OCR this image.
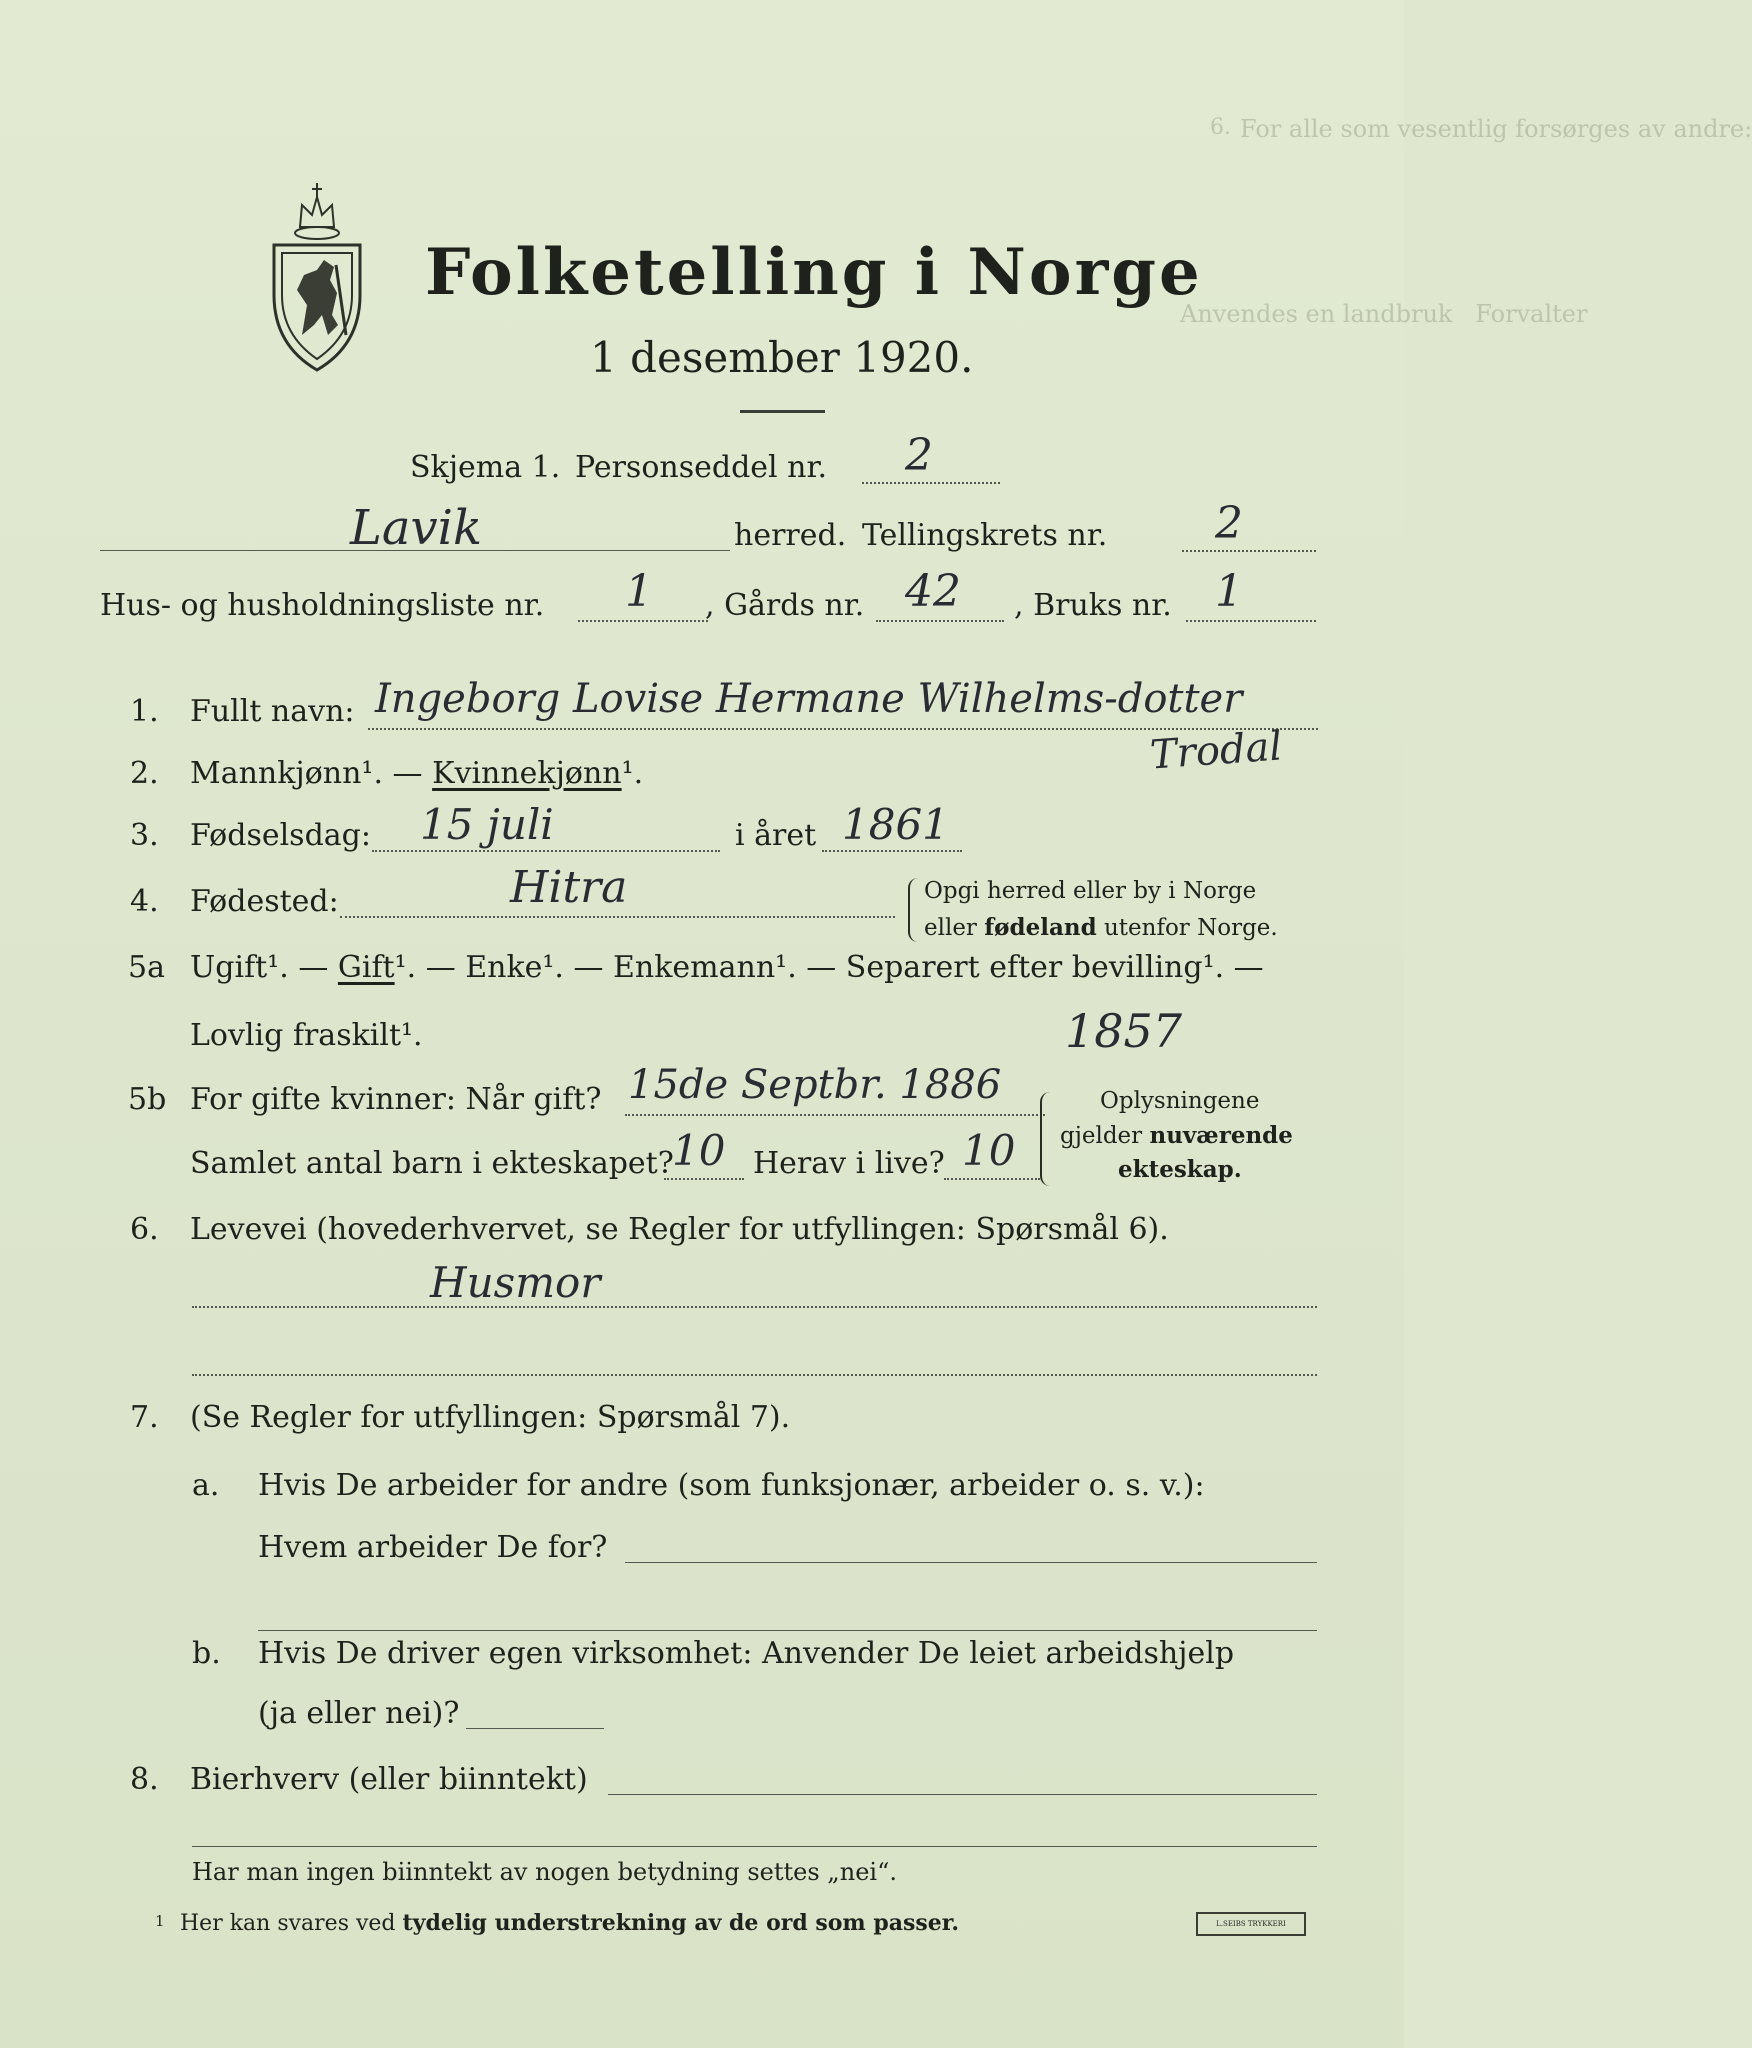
6. For alle som vesentlig forsørges av andre:
Anvendes en landbruk   Forvalter
Folketelling i Norge
1 desember 1920.
Skjema 1. Personseddel nr. 2
Lavik	herred. Tellingskrets nr. 2
Hus- og husholdningsliste nr. 1 , Gårds nr. 42 , Bruks nr. 1
1. Fullt navn: Ingeborg Lovise Hermane Wilhelms-dotter
Trodal
2. Mannkjønn¹. — Kvinnekjønn¹.
3. Fødselsdag: 15 juli	i året 1861
4. Fødested:	Hitra	Opgi herred eller by i Norge
eller fødeland utenfor Norge.
5a Ugift¹. — Gift¹. — Enke¹. — Enkemann¹. — Separert efter bevilling¹. —
Lovlig fraskilt¹.	1857
5b For gifte kvinner: Når gift? 15de Septbr. 1886
Samlet antal barn i ekteskapet?
10 Herav i live? 10
Oplysningene
gjelder nuværende
ekteskap.
6. Levevei (hovederhvervet, se Regler for utfyllingen: Spørsmål 6).
Husmor
7. (Se Regler for utfyllingen: Spørsmål 7).
a. Hvis De arbeider for andre (som funksjonær, arbeider o. s. v.):
Hvem arbeider De for?
b. Hvis De driver egen virksomhet: Anvender De leiet arbeidshjelp
(ja eller nei)?
8. Bierhverv (eller biinntekt)
Har man ingen biinntekt av nogen betydning settes „nei“.
1 Her kan svares ved tydelig understrekning av de ord som passer.	L.SEIBS TRYKKERI
